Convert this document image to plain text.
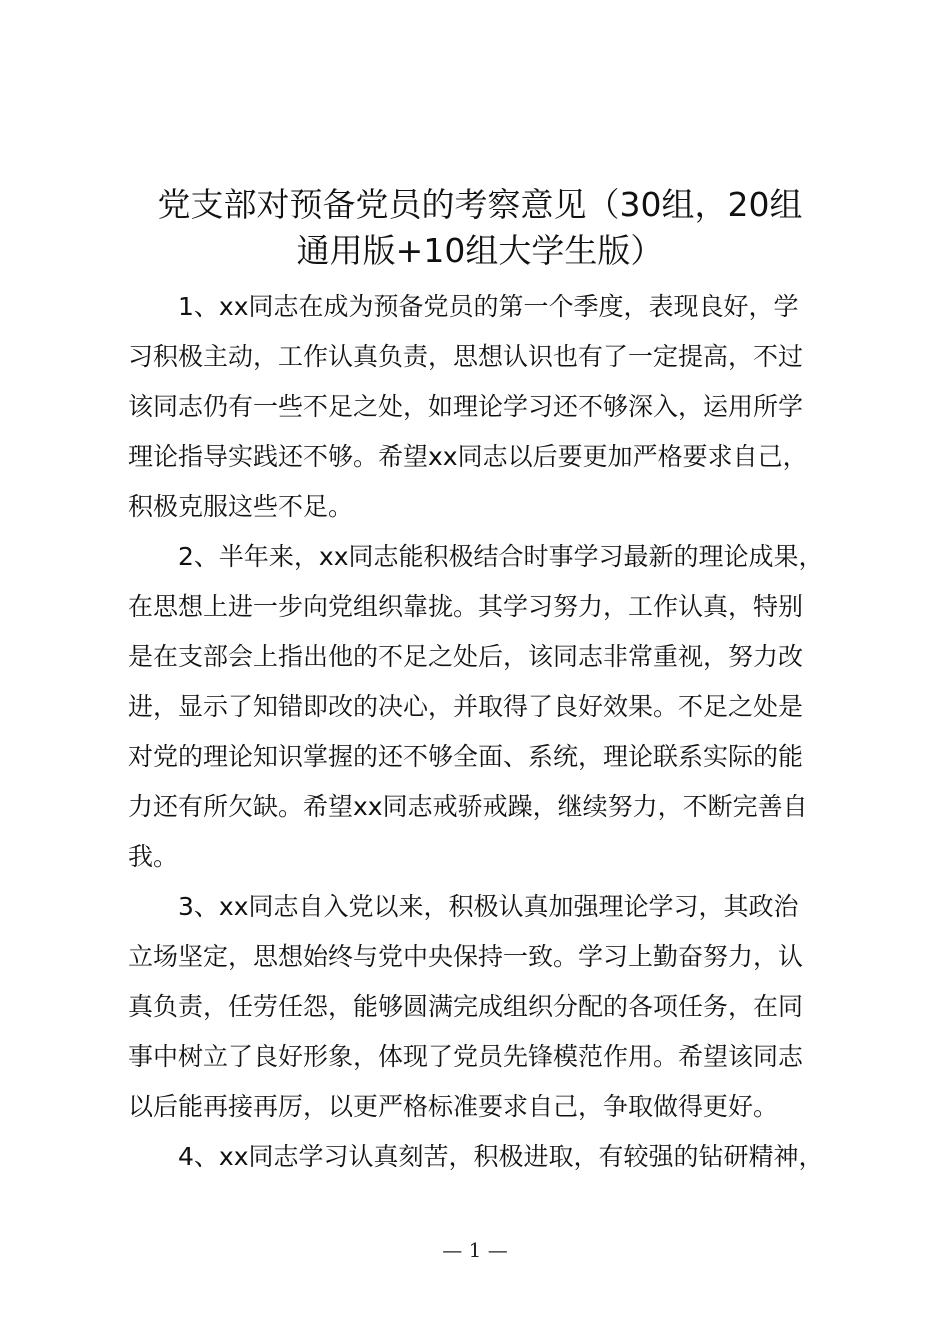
党支部对预备党员的考察意见（30组，20组
通用版+10组大学生版）
1、xx同志在成为预备党员的第一个季度，表现良好，学
习积极主动，工作认真负责，思想认识也有了一定提高，不过
该同志仍有一些不足之处，如理论学习还不够深入，运用所学
理论指导实践还不够。希望xx同志以后要更加严格要求自己，
积极克服这些不足。
2、半年来，xx同志能积极结合时事学习最新的理论成果，
在思想上进一步向党组织靠拢。其学习努力，工作认真，特别
是在支部会上指出他的不足之处后，该同志非常重视，努力改
进，显示了知错即改的决心，并取得了良好效果。不足之处是
对党的理论知识掌握的还不够全面、系统，理论联系实际的能
力还有所欠缺。希望xx同志戒骄戒躁，继续努力，不断完善自
我。
3、xx同志自入党以来，积极认真加强理论学习，其政治
立场坚定，思想始终与党中央保持一致。学习上勤奋努力，认
真负责，任劳任怨，能够圆满完成组织分配的各项任务，在同
事中树立了良好形象，体现了党员先锋模范作用。希望该同志
以后能再接再厉，以更严格标准要求自己，争取做得更好。
4、xx同志学习认真刻苦，积极进取，有较强的钻研精神，
— 1 —
